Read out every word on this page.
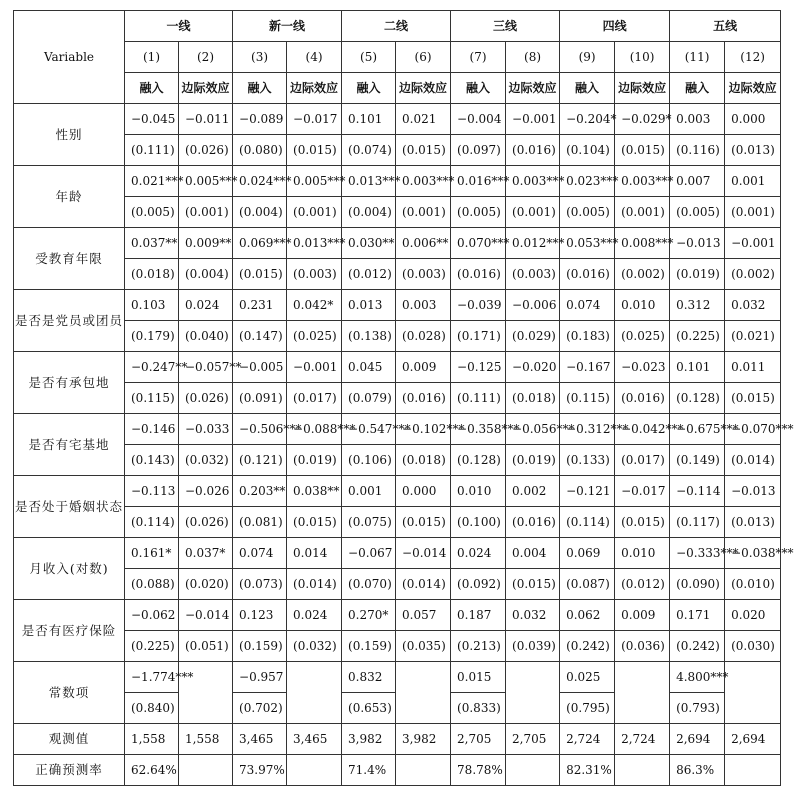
Variable	一线		新一线		二线		三线		四线		五线	
	(1)	(2)	(3)	(4)	(5)	(6)	(7)	(8)	(9)	(10)	(11)	(12)
	融入	边际效应	融入	边际效应	融入	边际效应	融入	边际效应	融入	边际效应	融入	边际效应
性别	−0.045	−0.011	−0.089	−0.017	0.101	0.021	−0.004	−0.001	−0.204*	−0.029*	0.003	0.000
	(0.111)	(0.026)	(0.080)	(0.015)	(0.074)	(0.015)	(0.097)	(0.016)	(0.104)	(0.015)	(0.116)	(0.013)
年龄	0.021***	0.005***	0.024***	0.005***	0.013***	0.003***	0.016***	0.003***	0.023***	0.003***	0.007	0.001
	(0.005)	(0.001)	(0.004)	(0.001)	(0.004)	(0.001)	(0.005)	(0.001)	(0.005)	(0.001)	(0.005)	(0.001)
受教育年限	0.037**	0.009**	0.069***	0.013***	0.030**	0.006**	0.070***	0.012***	0.053***	0.008***	−0.013	−0.001
	(0.018)	(0.004)	(0.015)	(0.003)	(0.012)	(0.003)	(0.016)	(0.003)	(0.016)	(0.002)	(0.019)	(0.002)
是否是党员或团员	0.103	0.024	0.231	0.042*	0.013	0.003	−0.039	−0.006	0.074	0.010	0.312	0.032
	(0.179)	(0.040)	(0.147)	(0.025)	(0.138)	(0.028)	(0.171)	(0.029)	(0.183)	(0.025)	(0.225)	(0.021)
是否有承包地	−0.247**	−0.057**	−0.005	−0.001	0.045	0.009	−0.125	−0.020	−0.167	−0.023	0.101	0.011
	(0.115)	(0.026)	(0.091)	(0.017)	(0.079)	(0.016)	(0.111)	(0.018)	(0.115)	(0.016)	(0.128)	(0.015)
是否有宅基地	−0.146	−0.033	−0.506***	−0.088***	−0.547***	−0.102***	−0.358***	−0.056***	−0.312***	−0.042***	−0.675***	−0.070***
	(0.143)	(0.032)	(0.121)	(0.019)	(0.106)	(0.018)	(0.128)	(0.019)	(0.133)	(0.017)	(0.149)	(0.014)
是否处于婚姻状态	−0.113	−0.026	0.203**	0.038**	0.001	0.000	0.010	0.002	−0.121	−0.017	−0.114	−0.013
	(0.114)	(0.026)	(0.081)	(0.015)	(0.075)	(0.015)	(0.100)	(0.016)	(0.114)	(0.015)	(0.117)	(0.013)
月收入(对数)	0.161*	0.037*	0.074	0.014	−0.067	−0.014	0.024	0.004	0.069	0.010	−0.333***	−0.038***
	(0.088)	(0.020)	(0.073)	(0.014)	(0.070)	(0.014)	(0.092)	(0.015)	(0.087)	(0.012)	(0.090)	(0.010)
是否有医疗保险	−0.062	−0.014	0.123	0.024	0.270*	0.057	0.187	0.032	0.062	0.009	0.171	0.020
	(0.225)	(0.051)	(0.159)	(0.032)	(0.159)	(0.035)	(0.213)	(0.039)	(0.242)	(0.036)	(0.242)	(0.030)
常数项	−1.774***		−0.957		0.832		0.015		0.025		4.800***	
	(0.840)		(0.702)		(0.653)		(0.833)		(0.795)		(0.793)	
观测值	1,558	1,558	3,465	3,465	3,982	3,982	2,705	2,705	2,724	2,724	2,694	2,694
正确预测率	62.64%		73.97%		71.4%		78.78%		82.31%		86.3%	
